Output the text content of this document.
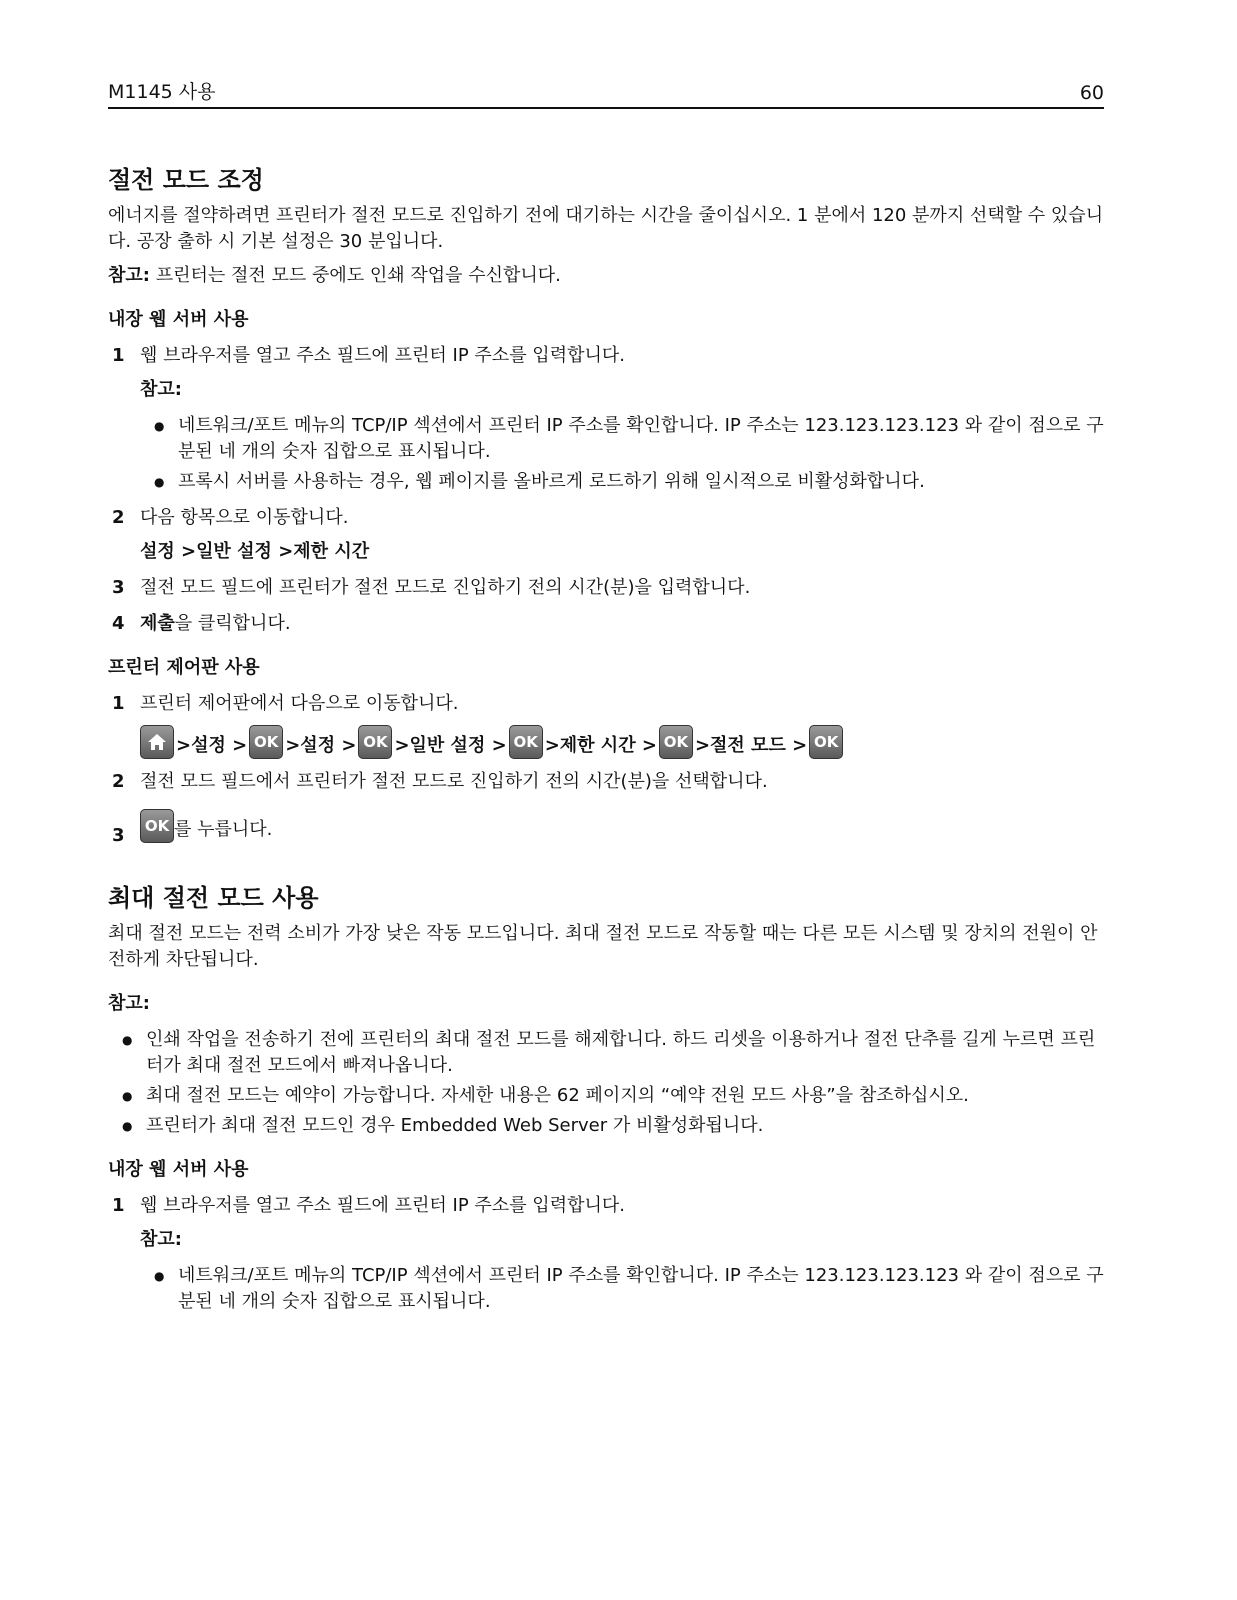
M1145 사용	60
절전 모드 조정

에너지를 절약하려면 프린터가 절전 모드로 진입하기 전에 대기하는 시간을 줄이십시오. 1 분에서 120 분까지 선택할 수 있습니다. 공장 출하 시 기본 설정은 30 분입니다.

참고: 프린터는 절전 모드 중에도 인쇄 작업을 수신합니다.

내장 웹 서버 사용
1 웹 브라우저를 열고 주소 필드에 프린터 IP 주소를 입력합니다.
참고:
● 네트워크/포트 메뉴의 TCP/IP 섹션에서 프린터 IP 주소를 확인합니다. IP 주소는 123.123.123.123 와 같이 점으로 구분된 네 개의 숫자 집합으로 표시됩니다.
● 프록시 서버를 사용하는 경우, 웹 페이지를 올바르게 로드하기 위해 일시적으로 비활성화합니다.
2 다음 항목으로 이동합니다.
설정 >일반 설정 >제한 시간
3 절전 모드 필드에 프린터가 절전 모드로 진입하기 전의 시간(분)을 입력합니다.
4 제출을 클릭합니다.
프린터 제어판 사용
1 프린터 제어판에서 다음으로 이동합니다.
>설정 > OK >설정 > OK >일반 설정 > OK >제한 시간 > OK >절전 모드 > OK
2 절전 모드 필드에서 프린터가 절전 모드로 진입하기 전의 시간(분)을 선택합니다.
3 OK 를 누릅니다.
최대 절전 모드 사용

최대 절전 모드는 전력 소비가 가장 낮은 작동 모드입니다. 최대 절전 모드로 작동할 때는 다른 모든 시스템 및 장치의 전원이 안전하게 차단됩니다.

참고:
● 인쇄 작업을 전송하기 전에 프린터의 최대 절전 모드를 해제합니다. 하드 리셋을 이용하거나 절전 단추를 길게 누르면 프린터가 최대 절전 모드에서 빠져나옵니다.
● 최대 절전 모드는 예약이 가능합니다. 자세한 내용은 62 페이지의 “예약 전원 모드 사용”을 참조하십시오.
● 프린터가 최대 절전 모드인 경우 Embedded Web Server 가 비활성화됩니다.
내장 웹 서버 사용
1 웹 브라우저를 열고 주소 필드에 프린터 IP 주소를 입력합니다.
참고:
● 네트워크/포트 메뉴의 TCP/IP 섹션에서 프린터 IP 주소를 확인합니다. IP 주소는 123.123.123.123 와 같이 점으로 구분된 네 개의 숫자 집합으로 표시됩니다.
